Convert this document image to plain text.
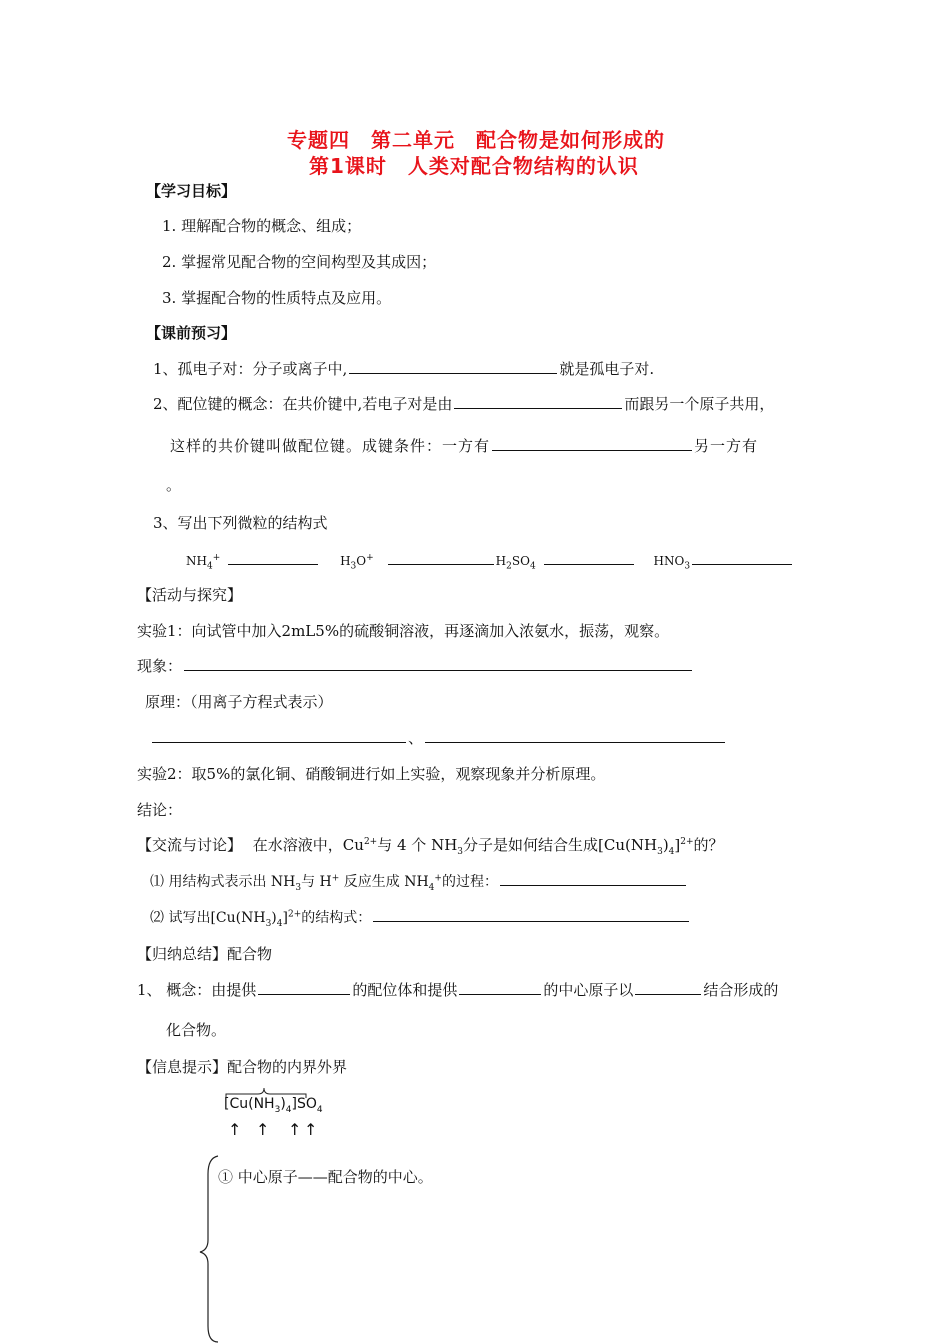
专题四　第二单元　配合物是如何形成的
第1课时　人类对配合物结构的认识
【学习目标】
1. 理解配合物的概念、组成；
2. 掌握常见配合物的空间构型及其成因；
3. 掌握配合物的性质特点及应用。
【课前预习】
1、孤电子对：分子或离子中,	就是孤电子对.
2、配位键的概念：在共价键中,若电子对是由	而跟另一个原子共用，
这样的共价键叫做配位键。成键条件：一方有	另一方有
。
3、写出下列微粒的结构式
$NH_4^+$	$H_3O^+$	$H_2SO_4$	$HNO_3$
【活动与探究】
实验1：向试管中加入2mL5%的硫酸铜溶液，再逐滴加入浓氨水，振荡，观察。
现象：
原理：（用离子方程式表示）
、
实验2：取5%的氯化铜、硝酸铜进行如上实验，观察现象并分析原理。
结论：
【交流与讨论】 在水溶液中，$Cu^{2+}$与 4 个 $NH_3$分子是如何结合生成$[Cu(NH_3)_4]^{2+}$的？
⑴ 用结构式表示出 $NH_3$与 H+ 反应生成 $NH_4^+$的过程：
⑵ 试写出$[Cu(NH_3)_4]^{2+}$的结构式：
【归纳总结】配合物
1、 概念：由提供	的配位体和提供	的中心原子以	结合形成的
化合物。
【信息提示】配合物的内界外界
$[Cu(NH_3)_4]SO_4$
↑ ↑ ↑ ↑
① 中心原子——配合物的中心。
